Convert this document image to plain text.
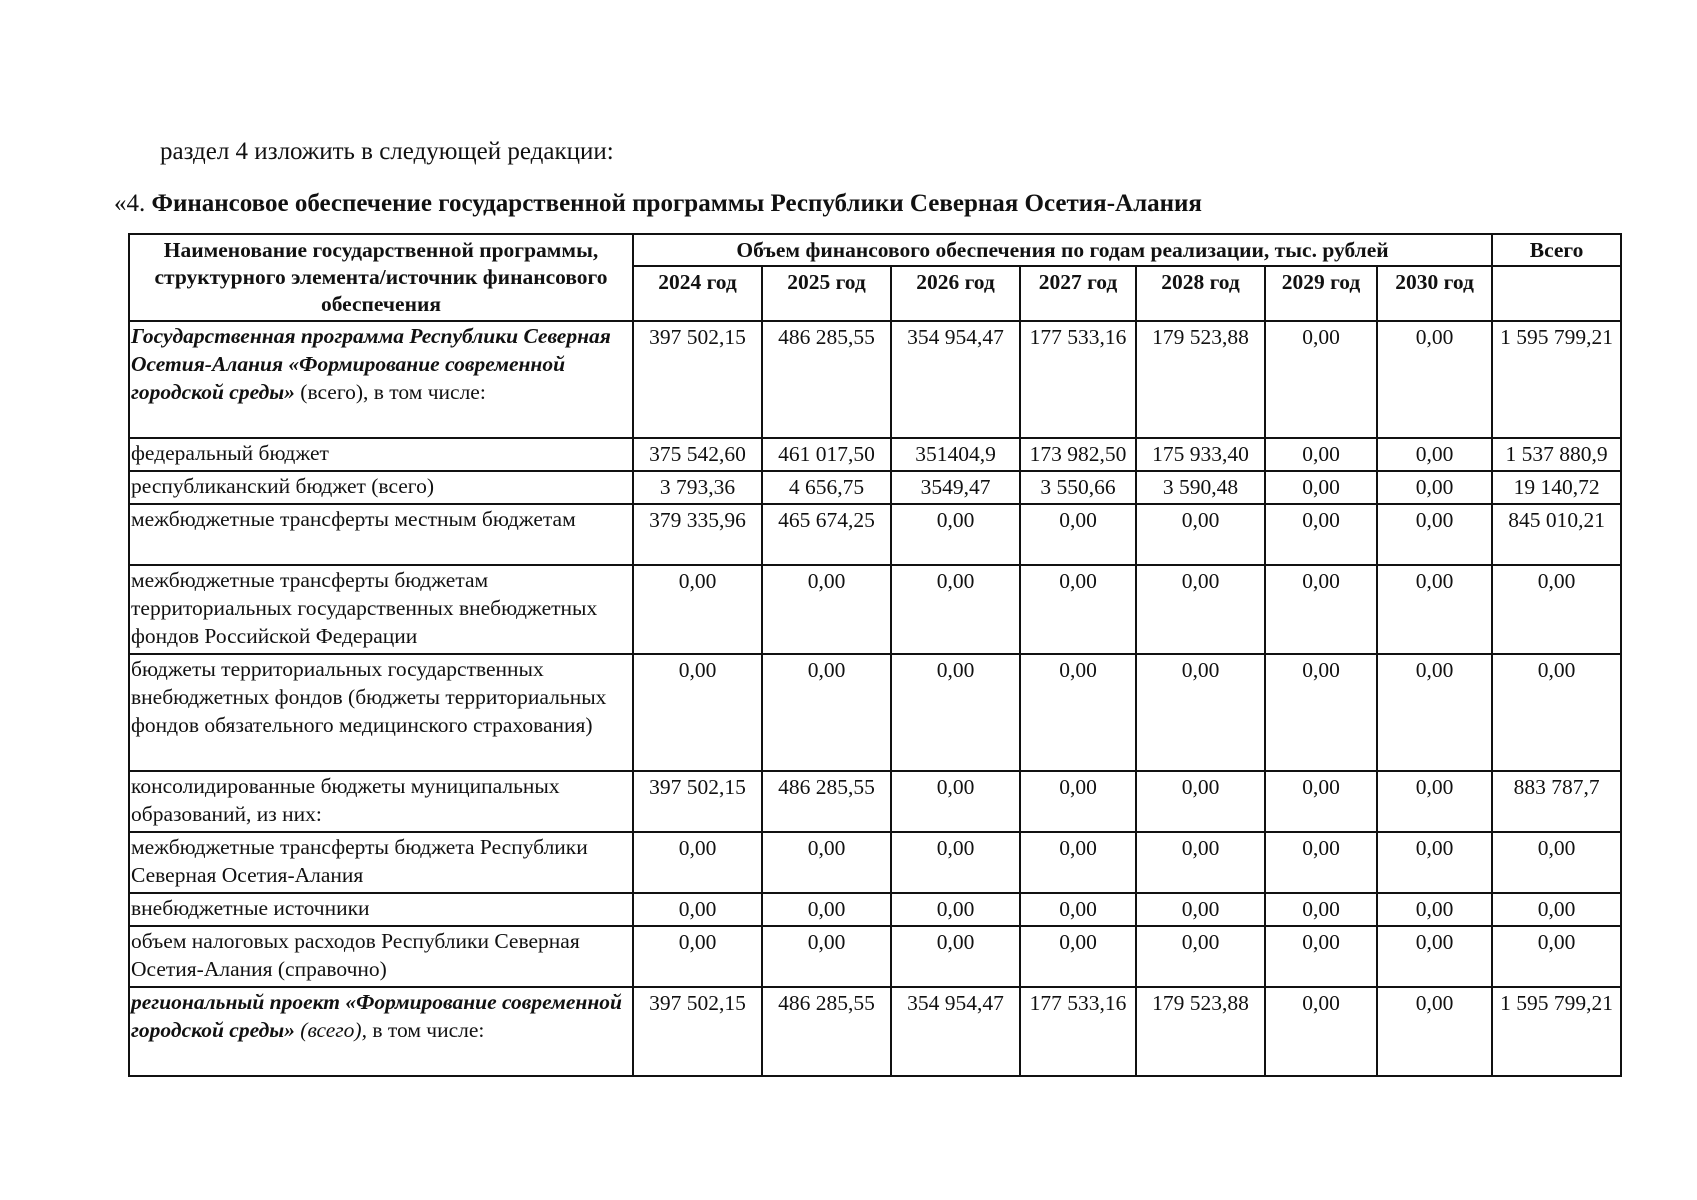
раздел 4 изложить в следующей редакции:
«4. Финансовое обеспечение государственной программы Республики Северная Осетия-Алания
Наименование государственной программы, структурного элемента/источник финансового обеспечения	Объем финансового обеспечения по годам реализации, тыс. рублей							Всего
	2024 год	2025 год	2026 год	2027 год	2028 год	2029 год	2030 год	
Государственная программа Республики Северная Осетия-Алания «Формирование современной городской среды» (всего), в том числе:	397 502,15	486 285,55	354 954,47	177 533,16	179 523,88	0,00	0,00	1 595 799,21
федеральный бюджет	375 542,60	461 017,50	351404,9	173 982,50	175 933,40	0,00	0,00	1 537 880,9
республиканский бюджет (всего)	3 793,36	4 656,75	3549,47	3 550,66	3 590,48	0,00	0,00	19 140,72
межбюджетные трансферты местным бюджетам	379 335,96	465 674,25	0,00	0,00	0,00	0,00	0,00	845 010,21
межбюджетные трансферты бюджетам территориальных государственных внебюджетных фондов Российской Федерации	0,00	0,00	0,00	0,00	0,00	0,00	0,00	0,00
бюджеты территориальных государственных внебюджетных фондов (бюджеты территориальных фондов обязательного медицинского страхования)	0,00	0,00	0,00	0,00	0,00	0,00	0,00	0,00
консолидированные бюджеты муниципальных образований, из них:	397 502,15	486 285,55	0,00	0,00	0,00	0,00	0,00	883 787,7
межбюджетные трансферты бюджета Республики Северная Осетия-Алания	0,00	0,00	0,00	0,00	0,00	0,00	0,00	0,00
внебюджетные источники	0,00	0,00	0,00	0,00	0,00	0,00	0,00	0,00
объем налоговых расходов Республики Северная Осетия-Алания (справочно)	0,00	0,00	0,00	0,00	0,00	0,00	0,00	0,00
региональный проект «Формирование современной городской среды» (всего), в том числе:	397 502,15	486 285,55	354 954,47	177 533,16	179 523,88	0,00	0,00	1 595 799,21
